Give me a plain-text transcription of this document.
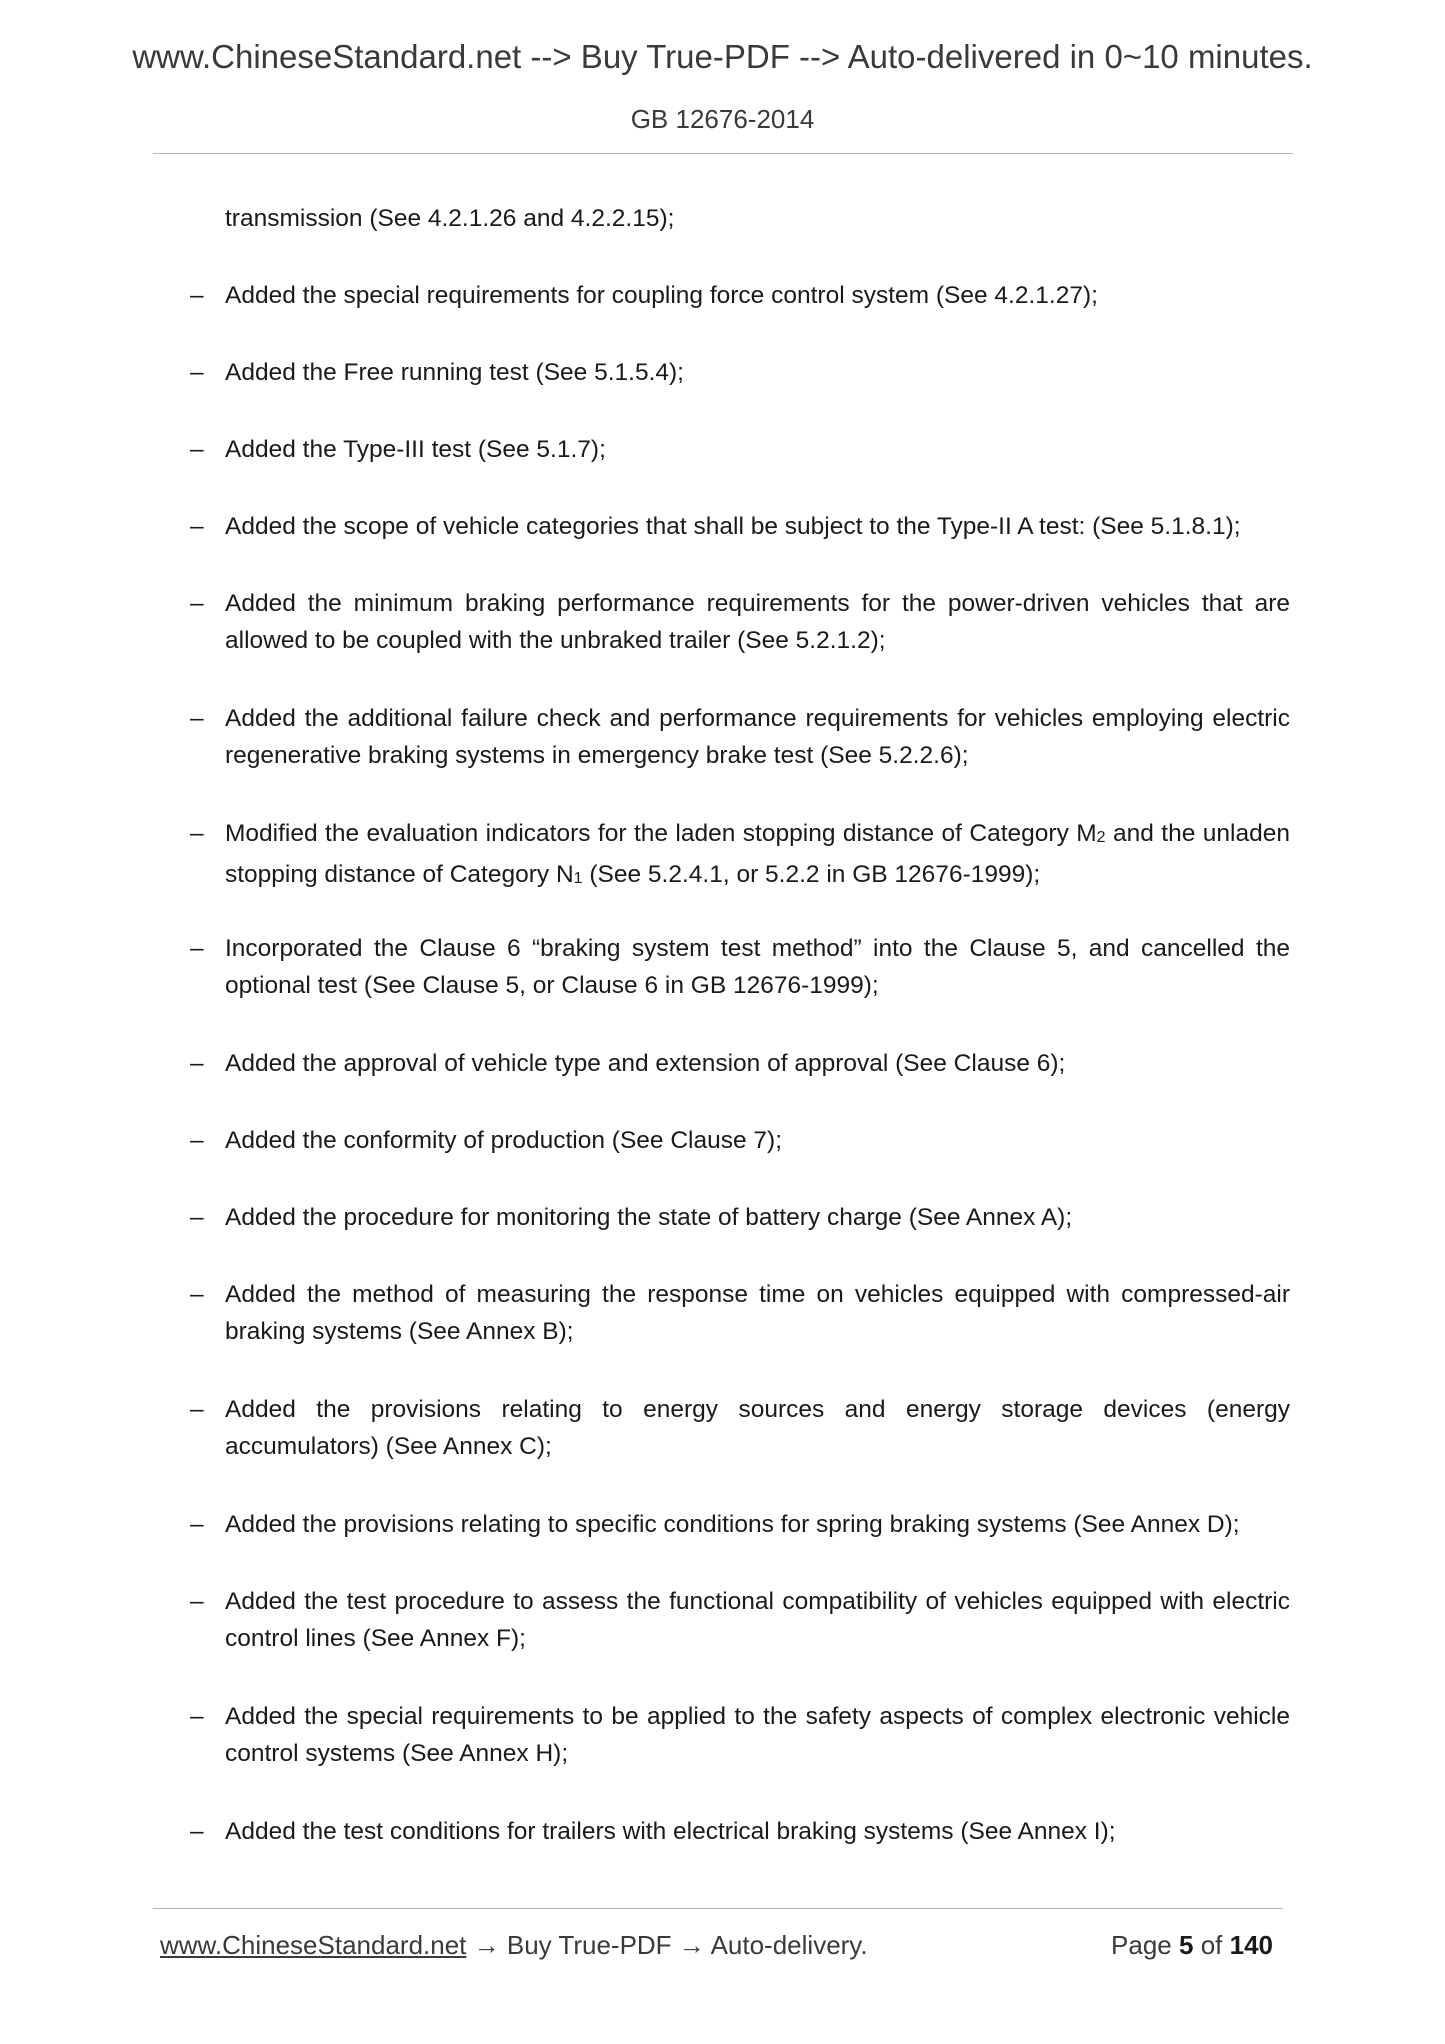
www.ChineseStandard.net --> Buy True-PDF --> Auto-delivered in 0~10 minutes.
GB 12676-2014
transmission (See 4.2.1.26 and 4.2.2.15);
– Added the special requirements for coupling force control system (See 4.2.1.27);
– Added the Free running test (See 5.1.5.4);
– Added the Type-III test (See 5.1.7);
– Added the scope of vehicle categories that shall be subject to the Type-II A test: (See 5.1.8.1);
– Added the minimum braking performance requirements for the power-driven vehicles that are allowed to be coupled with the unbraked trailer (See 5.2.1.2);
– Added the additional failure check and performance requirements for vehicles employing electric regenerative braking systems in emergency brake test (See 5.2.2.6);
– Modified the evaluation indicators for the laden stopping distance of Category $M_2$ and the unladen stopping distance of Category $N_1$ (See 5.2.4.1, or 5.2.2 in GB 12676-1999);
– Incorporated the Clause 6 “braking system test method” into the Clause 5, and cancelled the optional test (See Clause 5, or Clause 6 in GB 12676-1999);
– Added the approval of vehicle type and extension of approval (See Clause 6);
– Added the conformity of production (See Clause 7);
– Added the procedure for monitoring the state of battery charge (See Annex A);
– Added the method of measuring the response time on vehicles equipped with compressed-air braking systems (See Annex B);
– Added the provisions relating to energy sources and energy storage devices (energy accumulators) (See Annex C);
– Added the provisions relating to specific conditions for spring braking systems (See Annex D);
– Added the test procedure to assess the functional compatibility of vehicles equipped with electric control lines (See Annex F);
– Added the special requirements to be applied to the safety aspects of complex electronic vehicle control systems (See Annex H);
– Added the test conditions for trailers with electrical braking systems (See Annex I);
www.ChineseStandard.net → Buy True-PDF → Auto-delivery.	Page 5 of 140
